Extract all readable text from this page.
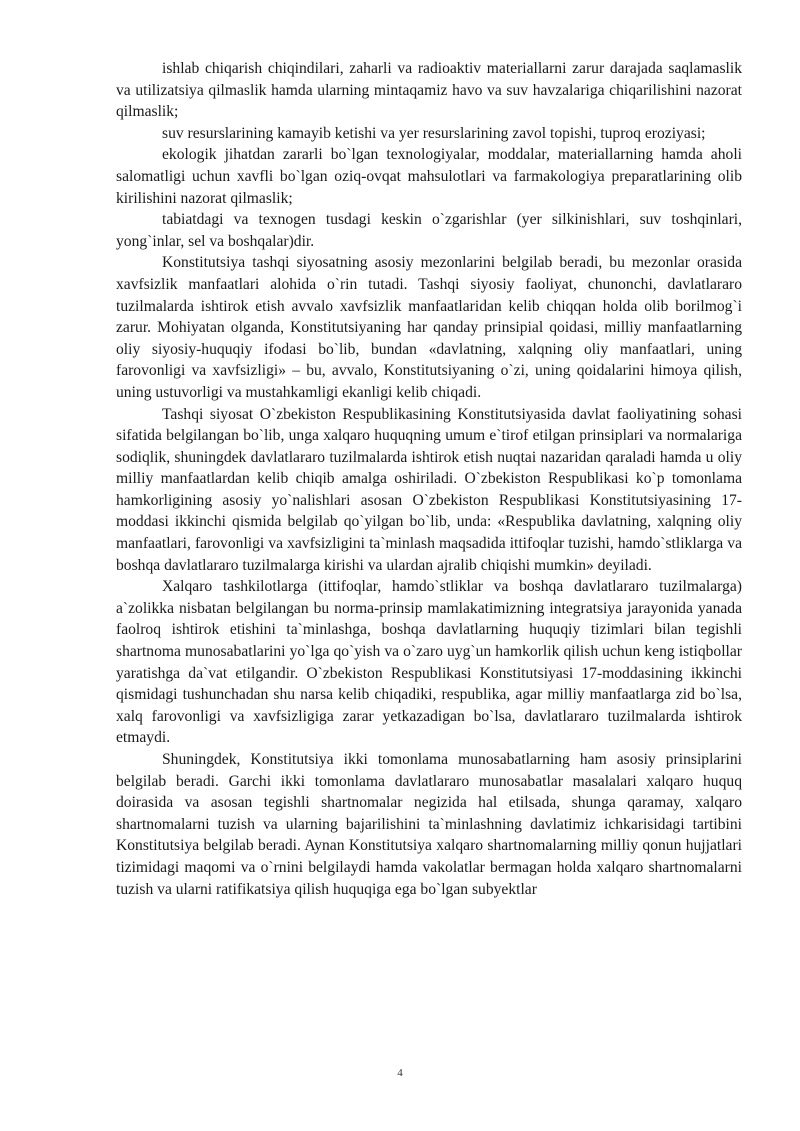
ishlab chiqarish chiqindilari, zaharli va radioaktiv materiallarni zarur darajada saqlamaslik va utilizatsiya qilmaslik hamda ularning mintaqamiz havo va suv havzalariga chiqarilishini nazorat qilmaslik;

suv resurslarining kamayib ketishi va yer resurslarining zavol topishi, tuproq eroziyasi;

ekologik jihatdan zararli bo`lgan texnologiyalar, moddalar, materiallarning hamda aholi salomatligi uchun xavfli bo`lgan oziq-ovqat mahsulotlari va farmakologiya preparatlarining olib kirilishini nazorat qilmaslik;

tabiatdagi va texnogen tusdagi keskin o`zgarishlar (yer silkinishlari, suv toshqinlari, yong`inlar, sel va boshqalar)dir.

Konstitutsiya tashqi siyosatning asosiy mezonlarini belgilab beradi, bu mezonlar orasida xavfsizlik manfaatlari alohida o`rin tutadi. Tashqi siyosiy faoliyat, chunonchi, davlatlararo tuzilmalarda ishtirok etish avvalo xavfsizlik manfaatlaridan kelib chiqqan holda olib borilmog`i zarur. Mohiyatan olganda, Konstitutsiyaning har qanday prinsipial qoidasi, milliy manfaatlarning oliy siyosiy-huquqiy ifodasi bo`lib, bundan «davlatning, xalqning oliy manfaatlari, uning farovonligi va xavfsizligi» – bu, avvalo, Konstitutsiyaning o`zi, uning qoidalarini himoya qilish, uning ustuvorligi va mustahkamligi ekanligi kelib chiqadi.

Tashqi siyosat O`zbekiston Respublikasining Konstitutsiyasida davlat faoliyatining sohasi sifatida belgilangan bo`lib, unga xalqaro huquqning umum e`tirof etilgan prinsiplari va normalariga sodiqlik, shuningdek davlatlararo tuzilmalarda ishtirok etish nuqtai nazaridan qaraladi hamda u oliy milliy manfaatlardan kelib chiqib amalga oshiriladi. O`zbekiston Respublikasi ko`p tomonlama hamkorligining asosiy yo`nalishlari asosan O`zbekiston Respublikasi Konstitutsiyasining 17-moddasi ikkinchi qismida belgilab qo`yilgan bo`lib, unda: «Respublika davlatning, xalqning oliy manfaatlari, farovonligi va xavfsizligini ta`minlash maqsadida ittifoqlar tuzishi, hamdo`stliklarga va boshqa davlatlararo tuzilmalarga kirishi va ulardan ajralib chiqishi mumkin» deyiladi.

Xalqaro tashkilotlarga (ittifoqlar, hamdo`stliklar va boshqa davlatlararo tuzilmalarga) a`zolikka nisbatan belgilangan bu norma-prinsip mamlakatimizning integratsiya jarayonida yanada faolroq ishtirok etishini ta`minlashga, boshqa davlatlarning huquqiy tizimlari bilan tegishli shartnoma munosabatlarini yo`lga qo`yish va o`zaro uyg`un hamkorlik qilish uchun keng istiqbollar yaratishga da`vat etilgandir. O`zbekiston Respublikasi Konstitutsiyasi 17-moddasining ikkinchi qismidagi tushunchadan shu narsa kelib chiqadiki, respublika, agar milliy manfaatlarga zid bo`lsa, xalq farovonligi va xavfsizligiga zarar yetkazadigan bo`lsa, davlatlararo tuzilmalarda ishtirok etmaydi.

Shuningdek, Konstitutsiya ikki tomonlama munosabatlarning ham asosiy prinsiplarini belgilab beradi. Garchi ikki tomonlama davlatlararo munosabatlar masalalari xalqaro huquq doirasida va asosan tegishli shartnomalar negizida hal etilsada, shunga qaramay, xalqaro shartnomalarni tuzish va ularning bajarilishini ta`minlashning davlatimiz ichkarisidagi tartibini Konstitutsiya belgilab beradi. Aynan Konstitutsiya xalqaro shartnomalarning milliy qonun hujjatlari tizimidagi maqomi va o`rnini belgilaydi hamda vakolatlar bermagan holda xalqaro shartnomalarni tuzish va ularni ratifikatsiya qilish huquqiga ega bo`lgan subyektlar

4
